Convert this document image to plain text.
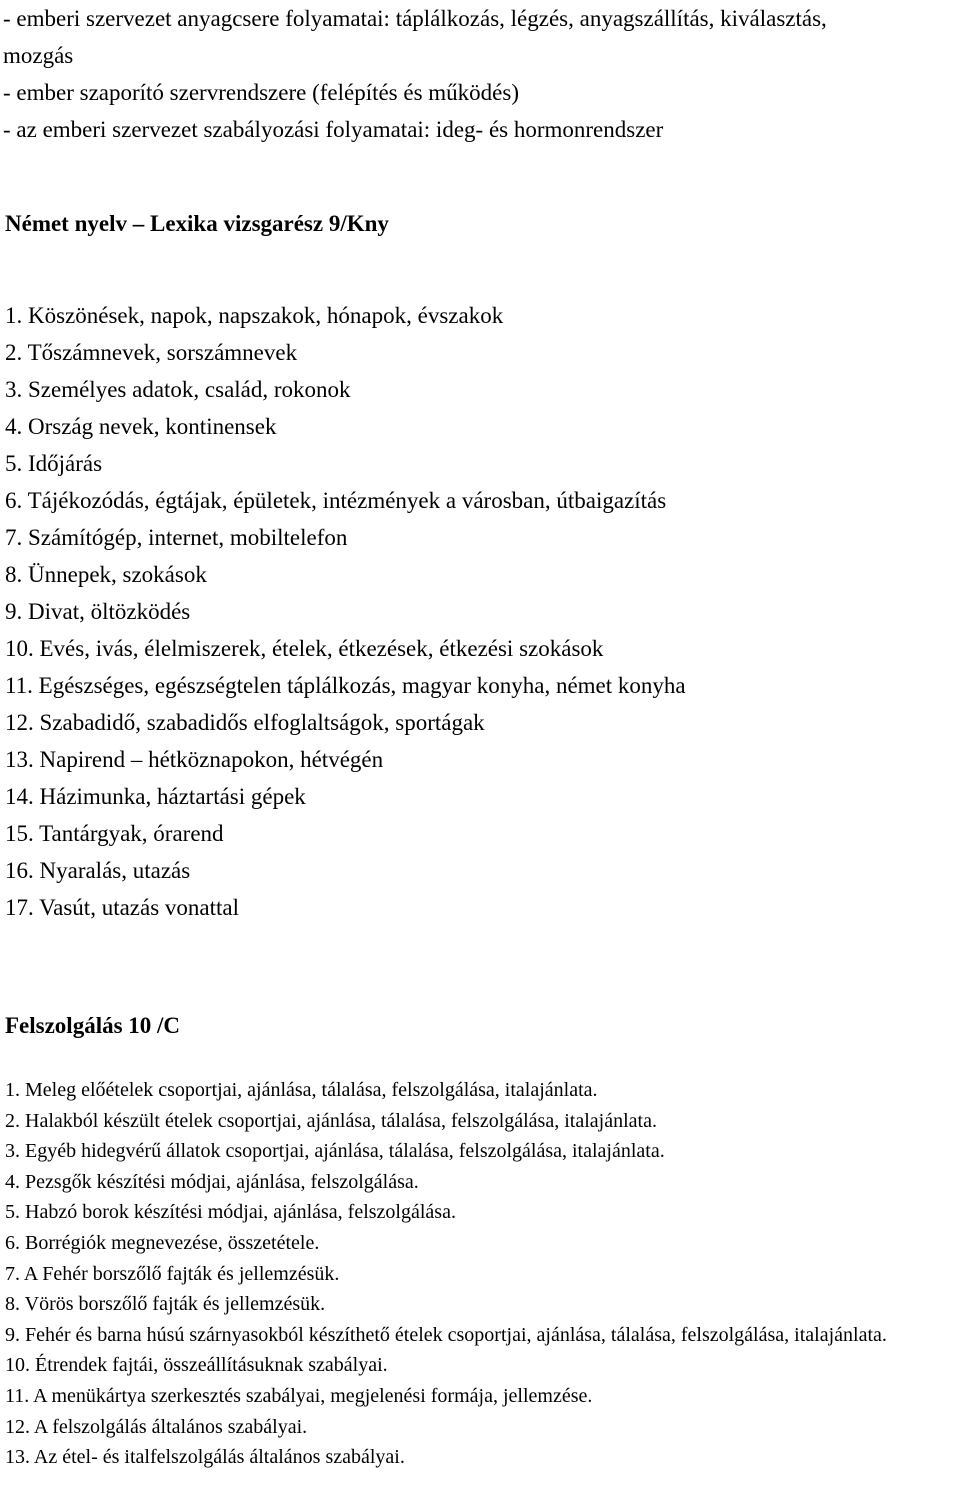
- emberi szervezet anyagcsere folyamatai: táplálkozás, légzés, anyagszállítás, kiválasztás,
mozgás
- ember szaporító szervrendszere (felépítés és működés)
- az emberi szervezet szabályozási folyamatai: ideg- és hormonrendszer
Német nyelv – Lexika vizsgarész 9/Kny
1. Köszönések, napok, napszakok, hónapok, évszakok
2. Tőszámnevek, sorszámnevek
3. Személyes adatok, család, rokonok
4. Ország nevek, kontinensek
5. Időjárás
6. Tájékozódás, égtájak, épületek, intézmények a városban, útbaigazítás
7. Számítógép, internet, mobiltelefon
8. Ünnepek, szokások
9. Divat, öltözködés
10. Evés, ivás, élelmiszerek, ételek, étkezések, étkezési szokások
11. Egészséges, egészségtelen táplálkozás, magyar konyha, német konyha
12. Szabadidő, szabadidős elfoglaltságok, sportágak
13. Napirend – hétköznapokon, hétvégén
14. Házimunka, háztartási gépek
15. Tantárgyak, órarend
16. Nyaralás, utazás
17. Vasút, utazás vonattal
Felszolgálás 10 /C
1. Meleg előételek csoportjai, ajánlása, tálalása, felszolgálása, italajánlata.
2. Halakból készült ételek csoportjai, ajánlása, tálalása, felszolgálása, italajánlata.
3. Egyéb hidegvérű állatok csoportjai, ajánlása, tálalása, felszolgálása, italajánlata.
4. Pezsgők készítési módjai, ajánlása, felszolgálása.
5. Habzó borok készítési módjai, ajánlása, felszolgálása.
6. Borrégiók megnevezése, összetétele.
7. A Fehér borszőlő fajták és jellemzésük.
8. Vörös borszőlő fajták és jellemzésük.
9. Fehér és barna húsú szárnyasokból készíthető ételek csoportjai, ajánlása, tálalása, felszolgálása, italajánlata.
10. Étrendek fajtái, összeállításuknak szabályai.
11. A menükártya szerkesztés szabályai, megjelenési formája, jellemzése.
12. A felszolgálás általános szabályai.
13. Az étel- és italfelszolgálás általános szabályai.
